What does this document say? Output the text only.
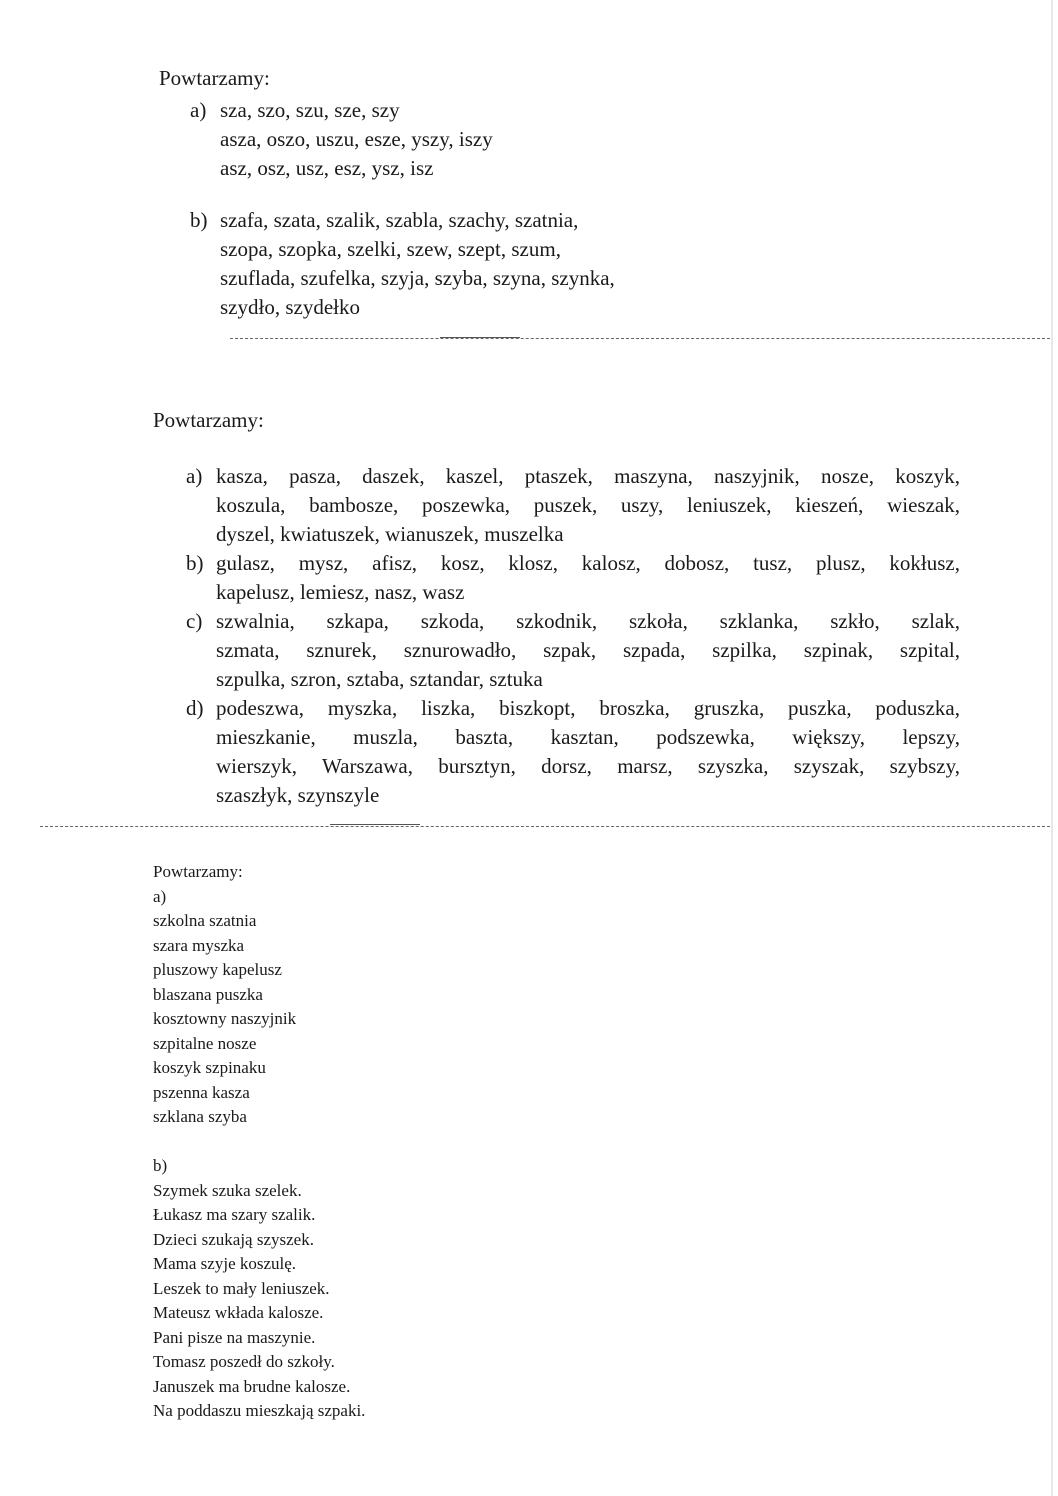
Powtarzamy:
a) sza, szo, szu, sze, szy
asza, oszo, uszu, esze, yszy, iszy
asz, osz, usz, esz, ysz, isz
b) szafa, szata, szalik, szabla, szachy, szatnia,
szopa, szopka, szelki, szew, szept, szum,
szuflada, szufelka, szyja, szyba, szyna, szynka,
szydło, szydełko
Powtarzamy:
a) kasza, pasza, daszek, kaszel, ptaszek, maszyna, naszyjnik, nosze, koszyk,
koszula, bambosze, poszewka, puszek, uszy, leniuszek, kieszeń, wieszak,
dyszel, kwiatuszek, wianuszek, muszelka
b) gulasz, mysz, afisz, kosz, klosz, kalosz, dobosz, tusz, plusz, kokłusz,
kapelusz, lemiesz, nasz, wasz
c) szwalnia, szkapa, szkoda, szkodnik, szkoła, szklanka, szkło, szlak,
szmata, sznurek, sznurowadło, szpak, szpada, szpilka, szpinak, szpital,
szpulka, szron, sztaba, sztandar, sztuka
d) podeszwa, myszka, liszka, biszkopt, broszka, gruszka, puszka, poduszka,
mieszkanie, muszla, baszta, kasztan, podszewka, większy, lepszy,
wierszyk, Warszawa, bursztyn, dorsz, marsz, szyszka, szyszak, szybszy,
szaszłyk, szynszyle
Powtarzamy:
a)
szkolna szatnia
szara myszka
pluszowy kapelusz
blaszana puszka
kosztowny naszyjnik
szpitalne nosze
koszyk szpinaku
pszenna kasza
szklana szyba
b)
Szymek szuka szelek.
Łukasz ma szary szalik.
Dzieci szukają szyszek.
Mama szyje koszulę.
Leszek to mały leniuszek.
Mateusz wkłada kalosze.
Pani pisze na maszynie.
Tomasz poszedł do szkoły.
Januszek ma brudne kalosze.
Na poddaszu mieszkają szpaki.
